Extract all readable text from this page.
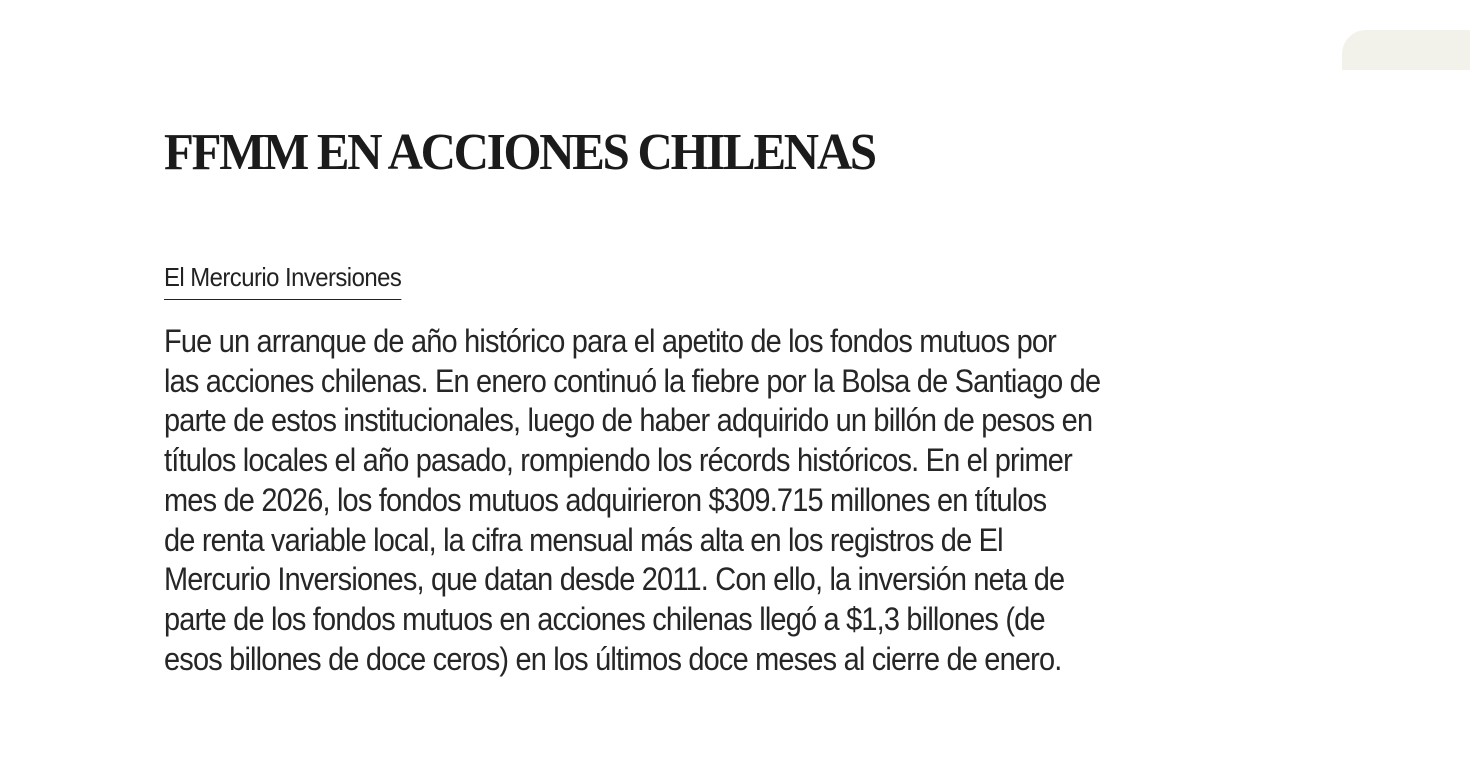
FFMM EN ACCIONES CHILENAS
El Mercurio Inversiones

Fue un arranque de año histórico para el apetito de los fondos mutuos por
las acciones chilenas. En enero continuó la fiebre por la Bolsa de Santiago de
parte de estos institucionales, luego de haber adquirido un billón de pesos en
títulos locales el año pasado, rompiendo los récords históricos. En el primer
mes de 2026, los fondos mutuos adquirieron $309.715 millones en títulos
de renta variable local, la cifra mensual más alta en los registros de El
Mercurio Inversiones, que datan desde 2011. Con ello, la inversión neta de
parte de los fondos mutuos en acciones chilenas llegó a $1,3 billones (de
esos billones de doce ceros) en los últimos doce meses al cierre de enero.
